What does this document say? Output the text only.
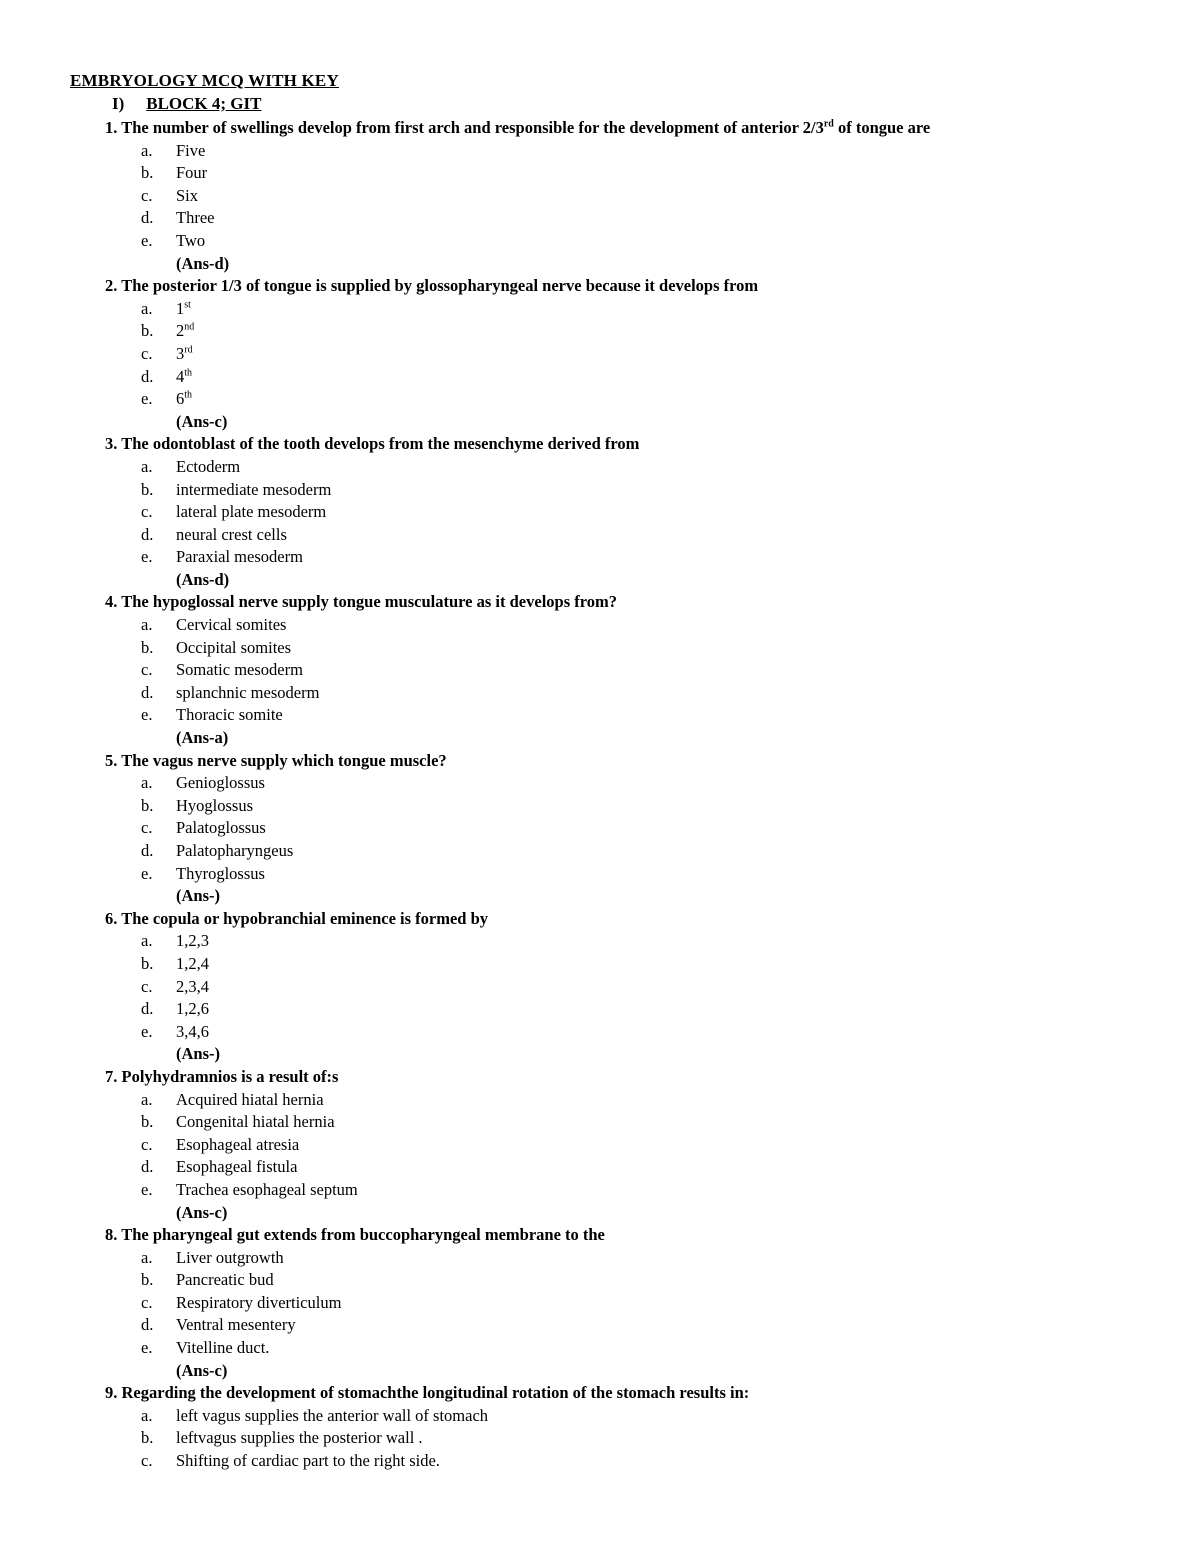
EMBRYOLOGY MCQ WITH KEY
I) BLOCK 4; GIT
1. The number of swellings develop from first arch and responsible for the development of anterior 2/3rd of tongue are
a. Five
b. Four
c. Six
d. Three
e. Two
(Ans-d)
2. The posterior 1/3 of tongue is supplied by glossopharyngeal nerve because it develops from
a. 1st
b. 2nd
c. 3rd
d. 4th
e. 6th
(Ans-c)
3. The odontoblast of the tooth develops from the mesenchyme derived from
a. Ectoderm
b. intermediate mesoderm
c. lateral plate mesoderm
d. neural crest cells
e. Paraxial mesoderm
(Ans-d)
4. The hypoglossal nerve supply tongue musculature as it develops from?
a. Cervical somites
b. Occipital somites
c. Somatic mesoderm
d. splanchnic mesoderm
e. Thoracic somite
(Ans-a)
5. The vagus nerve supply which tongue muscle?
a. Genioglossus
b. Hyoglossus
c. Palatoglossus
d. Palatopharyngeus
e. Thyroglossus
(Ans-)
6. The copula or hypobranchial eminence is formed by
a. 1,2,3
b. 1,2,4
c. 2,3,4
d. 1,2,6
e. 3,4,6
(Ans-)
7. Polyhydramnios is a result of:s
a. Acquired hiatal hernia
b. Congenital hiatal hernia
c. Esophageal atresia
d. Esophageal fistula
e. Trachea esophageal septum
(Ans-c)
8. The pharyngeal gut extends from buccopharyngeal membrane to the
a. Liver outgrowth
b. Pancreatic bud
c. Respiratory diverticulum
d. Ventral mesentery
e. Vitelline duct.
(Ans-c)
9. Regarding the development of stomachthe longitudinal rotation of the stomach results in:
a. left vagus supplies the anterior wall of stomach
b. leftvagus supplies the posterior wall .
c. Shifting of cardiac part to the right side.
